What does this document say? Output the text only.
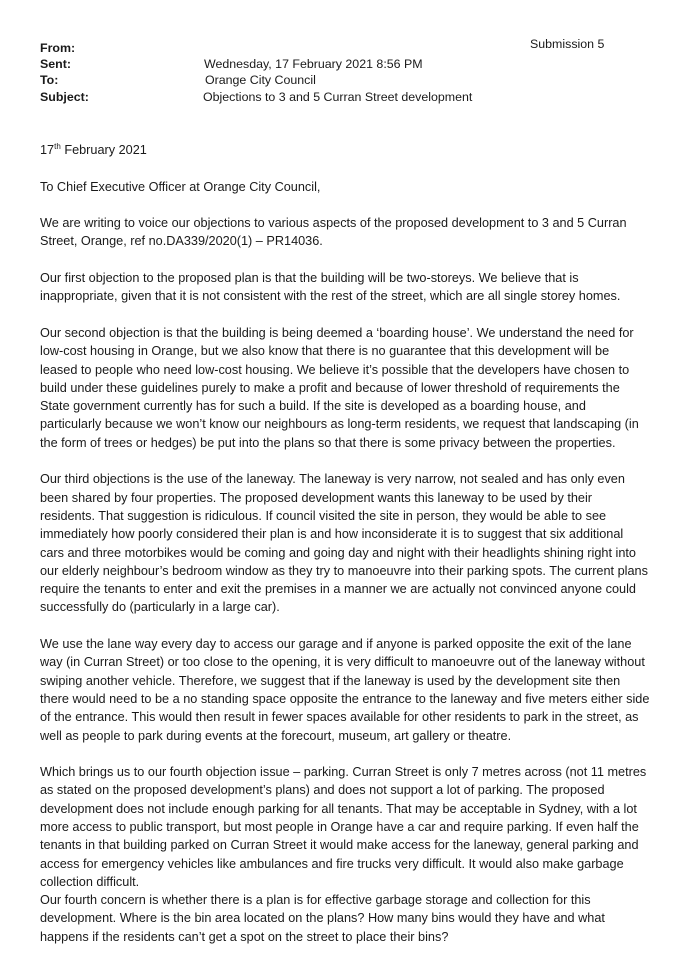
Submission 5
From:
Sent:	Wednesday, 17 February 2021 8:56 PM
To:	Orange City Council
Subject:	Objections to 3 and 5 Curran Street development

17th February 2021

To Chief Executive Officer at Orange City Council,

We are writing to voice our objections to various aspects of the proposed development to 3 and 5 Curran Street, Orange, ref no.DA339/2020(1) – PR14036.

Our first objection to the proposed plan is that the building will be two-storeys. We believe that is inappropriate, given that it is not consistent with the rest of the street, which are all single storey homes.

Our second objection is that the building is being deemed a ‘boarding house’. We understand the need for low-cost housing in Orange, but we also know that there is no guarantee that this development will be leased to people who need low-cost housing. We believe it’s possible that the developers have chosen to build under these guidelines purely to make a profit and because of lower threshold of requirements the State government currently has for such a build. If the site is developed as a boarding house, and particularly because we won’t know our neighbours as long-term residents, we request that landscaping (in the form of trees or hedges) be put into the plans so that there is some privacy between the properties.

Our third objections is the use of the laneway. The laneway is very narrow, not sealed and has only even been shared by four properties. The proposed development wants this laneway to be used by their residents. That suggestion is ridiculous. If council visited the site in person, they would be able to see immediately how poorly considered their plan is and how inconsiderate it is to suggest that six additional cars and three motorbikes would be coming and going day and night with their headlights shining right into our elderly neighbour’s bedroom window as they try to manoeuvre into their parking spots. The current plans require the tenants to enter and exit the premises in a manner we are actually not convinced anyone could successfully do (particularly in a large car).

We use the lane way every day to access our garage and if anyone is parked opposite the exit of the lane way (in Curran Street) or too close to the opening, it is very difficult to manoeuvre out of the laneway without swiping another vehicle. Therefore, we suggest that if the laneway is used by the development site then there would need to be a no standing space opposite the entrance to the laneway and five meters either side of the entrance. This would then result in fewer spaces available for other residents to park in the street, as well as people to park during events at the forecourt, museum, art gallery or theatre.

Which brings us to our fourth objection issue – parking. Curran Street is only 7 metres across (not 11 metres as stated on the proposed development’s plans) and does not support a lot of parking. The proposed development does not include enough parking for all tenants. That may be acceptable in Sydney, with a lot more access to public transport, but most people in Orange have a car and require parking. If even half the tenants in that building parked on Curran Street it would make access for the laneway, general parking and access for emergency vehicles like ambulances and fire trucks very difficult. It would also make garbage collection difficult.

Our fourth concern is whether there is a plan is for effective garbage storage and collection for this development. Where is the bin area located on the plans? How many bins would they have and what happens if the residents can’t get a spot on the street to place their bins?
